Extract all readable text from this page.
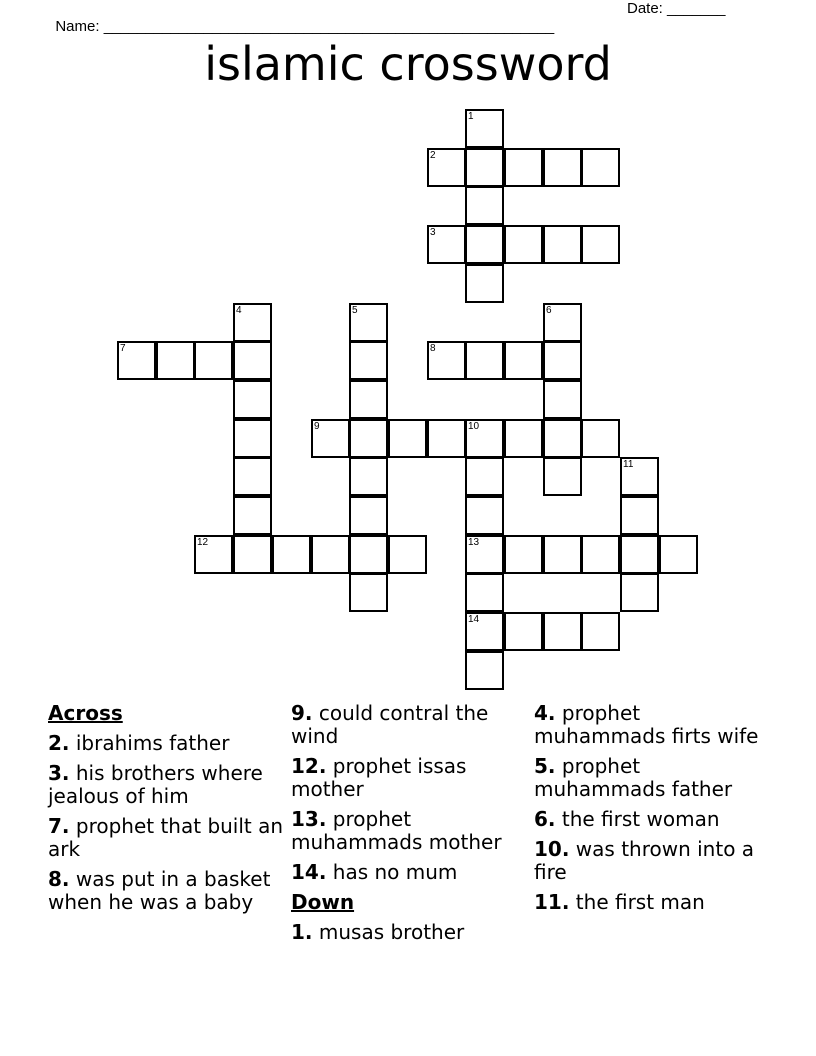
Name: ______________________________________________________

Date: _______

islamic crossword
1
2
3
4	5	6
7	8
9	10
11
12	13
14
Across
2. ibrahims father
3. his brothers where jealous of him
7. prophet that built an ark
8. was put in a basket when he was a baby
9. could contral the wind
12. prophet issas mother
13. prophet muhammads mother
14. has no mum
Down
1. musas brother
4. prophet muhammads firts wife
5. prophet muhammads father
6. the first woman
10. was thrown into a fire
11. the first man
